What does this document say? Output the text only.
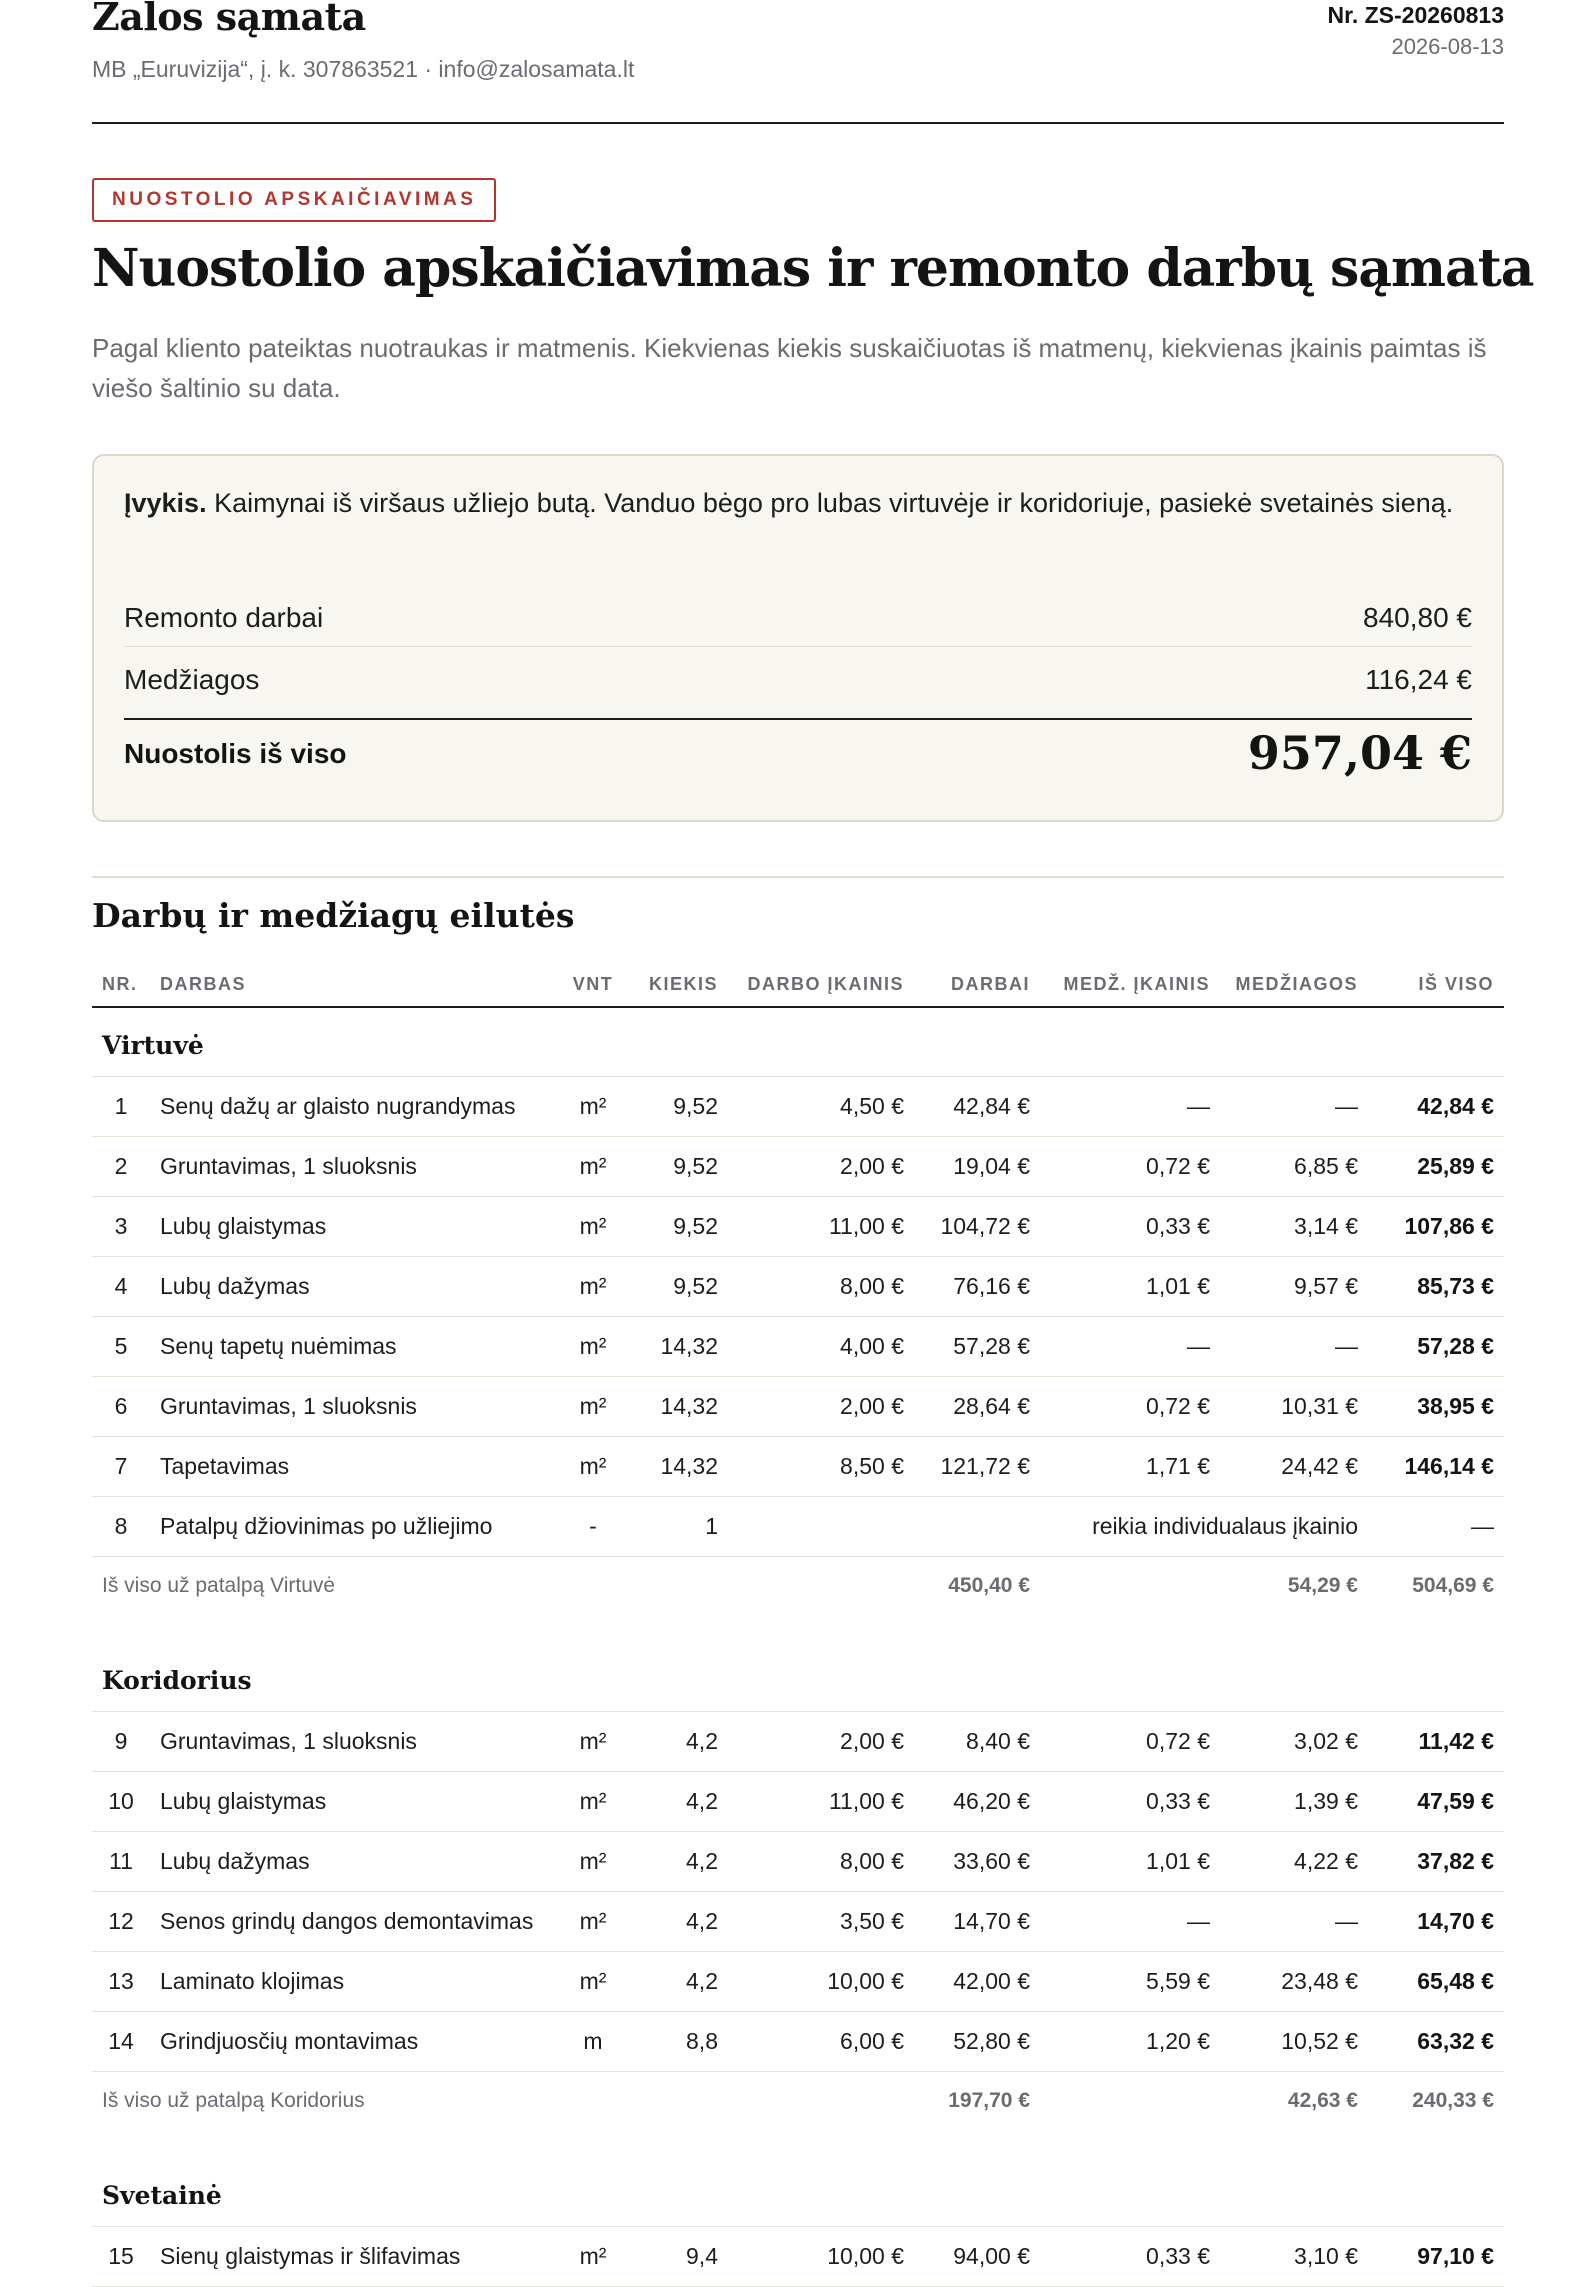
Zalos sąmata
MB „Euruvizija“, į. k. 307863521 · info@zalosamata.lt
Nr. ZS-20260813
2026-08-13
NUOSTOLIO APSKAIČIAVIMAS
Nuostolio apskaičiavimas ir remonto darbų sąmata
Pagal kliento pateiktas nuotraukas ir matmenis. Kiekvienas kiekis suskaičiuotas iš matmenų, kiekvienas įkainis paimtas iš viešo šaltinio su data.
Įvykis. Kaimynai iš viršaus užliejo butą. Vanduo bėgo pro lubas virtuvėje ir koridoriuje, pasiekė svetainės sieną.
Remonto darbai	840,80 €
Medžiagos	116,24 €
Nuostolis iš viso	957,04 €
Darbų ir medžiagų eilutės
NR.	DARBAS	VNT	KIEKIS	DARBO ĮKAINIS	DARBAI	MEDŽ. ĮKAINIS	MEDŽIAGOS	IŠ VISO
Virtuvė								
1	Senų dažų ar glaisto nugrandymas	m²	9,52	4,50 €	42,84 €	—	—	42,84 €
2	Gruntavimas, 1 sluoksnis	m²	9,52	2,00 €	19,04 €	0,72 €	6,85 €	25,89 €
3	Lubų glaistymas	m²	9,52	11,00 €	104,72 €	0,33 €	3,14 €	107,86 €
4	Lubų dažymas	m²	9,52	8,00 €	76,16 €	1,01 €	9,57 €	85,73 €
5	Senų tapetų nuėmimas	m²	14,32	4,00 €	57,28 €	—	—	57,28 €
6	Gruntavimas, 1 sluoksnis	m²	14,32	2,00 €	28,64 €	0,72 €	10,31 €	38,95 €
7	Tapetavimas	m²	14,32	8,50 €	121,72 €	1,71 €	24,42 €	146,14 €
8	Patalpų džiovinimas po užliejimo	-	1			reikia individualaus įkainio		—
Iš viso už patalpą Virtuvė					450,40 €		54,29 €	504,69 €

Koridorius								
9	Gruntavimas, 1 sluoksnis	m²	4,2	2,00 €	8,40 €	0,72 €	3,02 €	11,42 €
10	Lubų glaistymas	m²	4,2	11,00 €	46,20 €	0,33 €	1,39 €	47,59 €
11	Lubų dažymas	m²	4,2	8,00 €	33,60 €	1,01 €	4,22 €	37,82 €
12	Senos grindų dangos demontavimas	m²	4,2	3,50 €	14,70 €	—	—	14,70 €
13	Laminato klojimas	m²	4,2	10,00 €	42,00 €	5,59 €	23,48 €	65,48 €
14	Grindjuosčių montavimas	m	8,8	6,00 €	52,80 €	1,20 €	10,52 €	63,32 €
Iš viso už patalpą Koridorius					197,70 €		42,63 €	240,33 €

Svetainė								
15	Sienų glaistymas ir šlifavimas	m²	9,4	10,00 €	94,00 €	0,33 €	3,10 €	97,10 €
